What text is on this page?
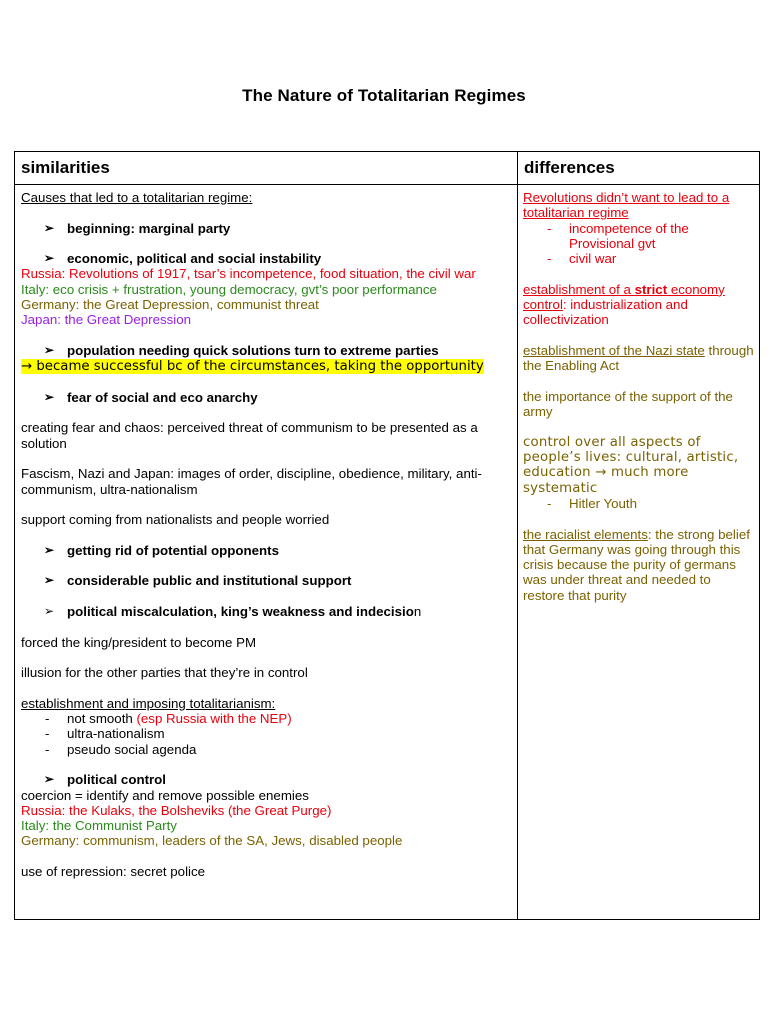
The Nature of Totalitarian Regimes
similarities	differences

Causes that led to a totalitarian regime:

➢ beginning: marginal party

➢ economic, political and social instability

Russia: Revolutions of 1917, tsar’s incompetence, food situation, the civil war

Italy: eco crisis + frustration, young democracy, gvt’s poor performance

Germany: the Great Depression, communist threat

Japan: the Great Depression

➢ population needing quick solutions turn to extreme parties

→ became successful bc of the circumstances, taking the opportunity

➢ fear of social and eco anarchy

creating fear and chaos: perceived threat of communism to be presented as a solution

Fascism, Nazi and Japan: images of order, discipline, obedience, military, anti-communism, ultra-nationalism

support coming from nationalists and people worried

➢ getting rid of potential opponents

➢ considerable public and institutional support

➢ political miscalculation, king’s weakness and indecision

forced the king/president to become PM

illusion for the other parties that they’re in control

establishment and imposing totalitarianism:

- not smooth (esp Russia with the NEP)

- ultra-nationalism

- pseudo social agenda

➢ political control

coercion = identify and remove possible enemies

Russia: the Kulaks, the Bolsheviks (the Great Purge)

Italy: the Communist Party

Germany: communism, leaders of the SA, Jews, disabled people

use of repression: secret police

Revolutions didn’t want to lead to a totalitarian regime

- incompetence of the Provisional gvt

- civil war

establishment of a strict economy control: industrialization and collectivization

establishment of the Nazi state through the Enabling Act

the importance of the support of the army

control over all aspects of people’s lives: cultural, artistic, education → much more systematic

- Hitler Youth

the racialist elements: the strong belief that Germany was going through this crisis because the purity of germans was under threat and needed to restore that purity
